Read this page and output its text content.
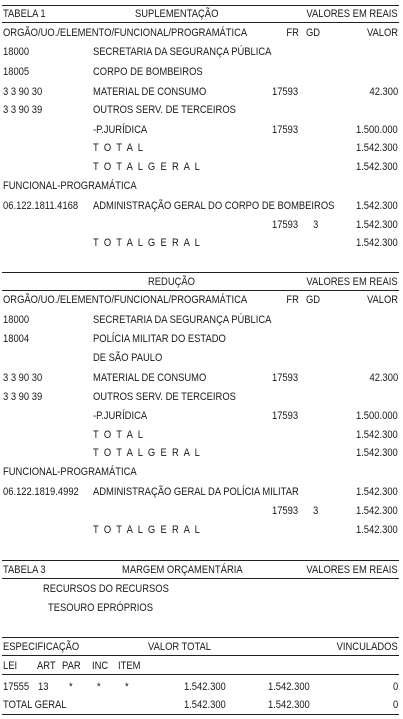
TABELA 1	SUPLEMENTAÇÃO	VALORES EM REAIS
ORGÃO/UO./ELEMENTO/FUNCIONAL/PROGRAMÁTICA	FR GD	VALOR
18000	SECRETARIA DA SEGURANÇA PÚBLICA
18005	CORPO DE BOMBEIROS
3 3 90 30	MATERIAL DE CONSUMO	17593	42.300
3 3 90 39	OUTROS SERV. DE TERCEIROS
-P.JURÍDICA	17593	1.500.000
T O T A L	1.542.300
T O T A L G E R A L	1.542.300
FUNCIONAL-PROGRAMÁTICA
06.122.1811.4168 ADMINISTRAÇÃO GERAL DO CORPO DE BOMBEIROS 1.542.300
17593 3	1.542.300
T O T A L G E R A L	1.542.300
REDUÇÃO	VALORES EM REAIS
ORGÃO/UO./ELEMENTO/FUNCIONAL/PROGRAMÁTICA	FR GD	VALOR
18000	SECRETARIA DA SEGURANÇA PÚBLICA
18004	POLÍCIA MILITAR DO ESTADO
DE SÃO PAULO
3 3 90 30	MATERIAL DE CONSUMO	17593	42.300
3 3 90 39	OUTROS SERV. DE TERCEIROS
-P.JURÍDICA	17593	1.500.000
T O T A L	1.542.300
T O T A L G E R A L	1.542.300
FUNCIONAL-PROGRAMÁTICA
06.122.1819.4992 ADMINISTRAÇÃO GERAL DA POLÍCIA MILITAR	1.542.300
17593 3	1.542.300
T O T A L G E R A L	1.542.300
TABELA 3	MARGEM ORÇAMENTÁRIA	VALORES EM REAIS
RECURSOS DO RECURSOS
TESOURO EPRÓPRIOS
ESPECIFICAÇÃO	VALOR TOTAL	VINCULADOS
LEI ART PAR INC ITEM
17555 13 * * *	1.542.300	1.542.300	0
TOTAL GERAL	1.542.300	1.542.300	0
